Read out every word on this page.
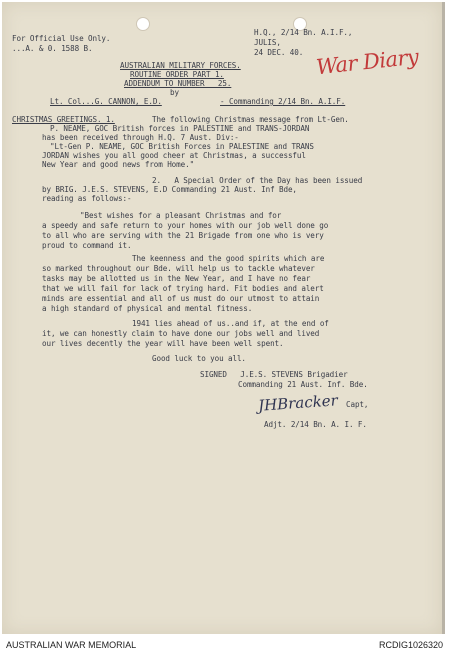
For Official Use Only.
...A. & 0. 1588 B.
H.Q., 2/14 Bn. A.I.F.,
JULIS,
24 DEC. 40. War Diary
AUSTRALIAN MILITARY FORCES.
ROUTINE ORDER PART 1.
ADDENDUM TO NUMBER   25.
by
Lt. Col...G. CANNON, E.D.	- Commanding 2/14 Bn. A.I.F.
CHRISTMAS GREETINGS. 1.	The following Christmas message from Lt-Gen.
P. NEAME, GOC British forces in PALESTINE and TRANS-JORDAN
has been received through H.Q. 7 Aust. Div:-
"Lt-Gen P. NEAME, GOC British Forces in PALESTINE and TRANS
JORDAN wishes you all good cheer at Christmas, a successful
New Year and good news from Home."
2.   A Special Order of the Day has been issued
by BRIG. J.E.S. STEVENS, E.D Commanding 21 Aust. Inf Bde,
reading as follows:-
"Best wishes for a pleasant Christmas and for
a speedy and safe return to your homes with our job well done go
to all who are serving with the 21 Brigade from one who is very
proud to command it.
The keenness and the good spirits which are
so marked throughout our Bde. will help us to tackle whatever
tasks may be allotted us in the New Year, and I have no fear
that we will fail for lack of trying hard. Fit bodies and alert
minds are essential and all of us must do our utmost to attain
a high standard of physical and mental fitness.
1941 lies ahead of us..and if, at the end of
it, we can honestly claim to have done our jobs well and lived
our lives decently the year will have been well spent.
Good luck to you all.
SIGNED   J.E.S. STEVENS Brigadier
Commanding 21 Aust. Inf. Bde.
JHBracker Capt,
Adjt. 2/14 Bn. A. I. F.
AUSTRALIAN WAR MEMORIAL	RCDIG1026320
